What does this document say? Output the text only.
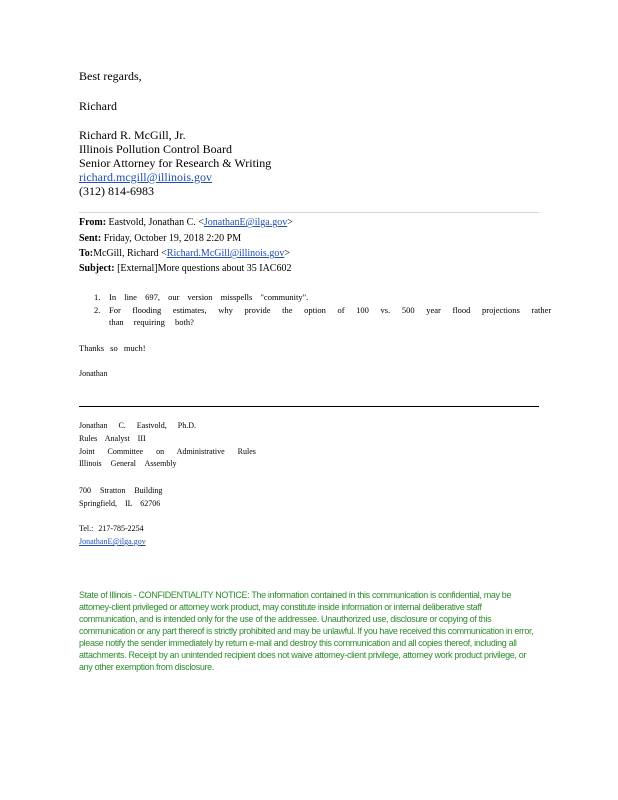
Best regards,
Richard
Richard R. McGill, Jr.
Illinois Pollution Control Board
Senior Attorney for Research & Writing
richard.mcgill@illinois.gov
(312) 814-6983
From: Eastvold, Jonathan C. <JonathanE@ilga.gov>
Sent: Friday, October 19, 2018 2:20 PM
To:McGill, Richard <Richard.McGill@illinois.gov>
Subject: [External]More questions about 35 IAC602
1. In line 697, our version misspells "community".
2. For flooding estimates, why provide the option of 100 vs. 500 year flood projections rather
than requiring both?
Thanks so much!
Jonathan
Jonathan C. Eastvold, Ph.D.
Rules Analyst III
Joint Committee on Administrative Rules
Illinois General Assembly
700 Stratton Building
Springfield, IL 62706
Tel.: 217-785-2254
JonathanE@ilga.gov
State of Illinois - CONFIDENTIALITY NOTICE: The information contained in this communication is confidential, may be attorney-client privileged or attorney work product, may constitute inside information or internal deliberative staff communication, and is intended only for the use of the addressee. Unauthorized use, disclosure or copying of this communication or any part thereof is strictly prohibited and may be unlawful. If you have received this communication in error, please notify the sender immediately by return e-mail and destroy this communication and all copies thereof, including all attachments. Receipt by an unintended recipient does not waive attorney-client privilege, attorney work product privilege, or any other exemption from disclosure.
